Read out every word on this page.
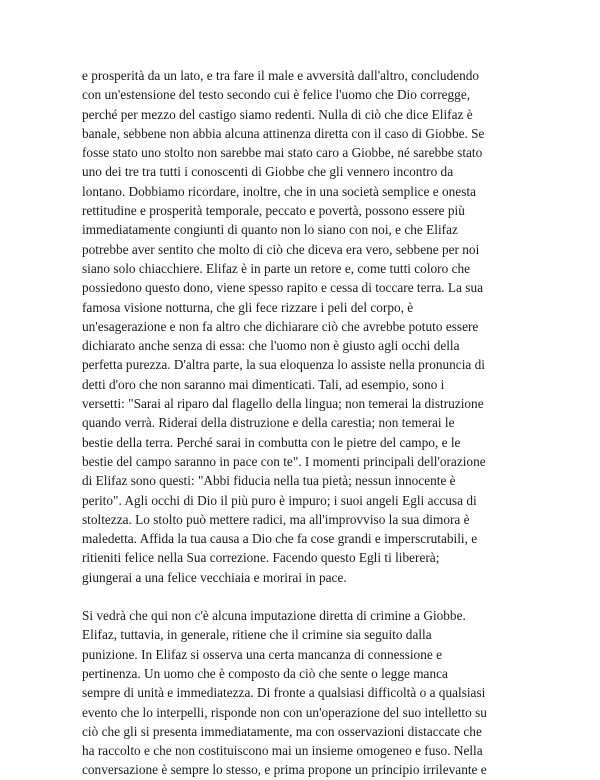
e prosperità da un lato, e tra fare il male e avversità dall'altro, concludendo
con un'estensione del testo secondo cui è felice l'uomo che Dio corregge,
perché per mezzo del castigo siamo redenti. Nulla di ciò che dice Elifaz è
banale, sebbene non abbia alcuna attinenza diretta con il caso di Giobbe. Se
fosse stato uno stolto non sarebbe mai stato caro a Giobbe, né sarebbe stato
uno dei tre tra tutti i conoscenti di Giobbe che gli vennero incontro da
lontano. Dobbiamo ricordare, inoltre, che in una società semplice e onesta
rettitudine e prosperità temporale, peccato e povertà, possono essere più
immediatamente congiunti di quanto non lo siano con noi, e che Elifaz
potrebbe aver sentito che molto di ciò che diceva era vero, sebbene per noi
siano solo chiacchiere. Elifaz è in parte un retore e, come tutti coloro che
possiedono questo dono, viene spesso rapito e cessa di toccare terra. La sua
famosa visione notturna, che gli fece rizzare i peli del corpo, è
un'esagerazione e non fa altro che dichiarare ciò che avrebbe potuto essere
dichiarato anche senza di essa: che l'uomo non è giusto agli occhi della
perfetta purezza. D'altra parte, la sua eloquenza lo assiste nella pronuncia di
detti d'oro che non saranno mai dimenticati. Tali, ad esempio, sono i
versetti: "Sarai al riparo dal flagello della lingua; non temerai la distruzione
quando verrà. Riderai della distruzione e della carestia; non temerai le
bestie della terra. Perché sarai in combutta con le pietre del campo, e le
bestie del campo saranno in pace con te". I momenti principali dell'orazione
di Elifaz sono questi: "Abbi fiducia nella tua pietà; nessun innocente è
perito". Agli occhi di Dio il più puro è impuro; i suoi angeli Egli accusa di
stoltezza. Lo stolto può mettere radici, ma all'improvviso la sua dimora è
maledetta. Affida la tua causa a Dio che fa cose grandi e imperscrutabili, e
ritieniti felice nella Sua correzione. Facendo questo Egli ti libererà;
giungerai a una felice vecchiaia e morirai in pace.

Si vedrà che qui non c'è alcuna imputazione diretta di crimine a Giobbe.
Elifaz, tuttavia, in generale, ritiene che il crimine sia seguito dalla
punizione. In Elifaz si osserva una certa mancanza di connessione e
pertinenza. Un uomo che è composto da ciò che sente o legge manca
sempre di unità e immediatezza. Di fronte a qualsiasi difficoltà o a qualsiasi
evento che lo interpelli, risponde non con un'operazione del suo intelletto su
ciò che gli si presenta immediatamente, ma con osservazioni distaccate che
ha raccolto e che non costituiscono mai un insieme omogeneo e fuso. Nella
conversazione è sempre lo stesso, e prima propone un principio irrilevante e
